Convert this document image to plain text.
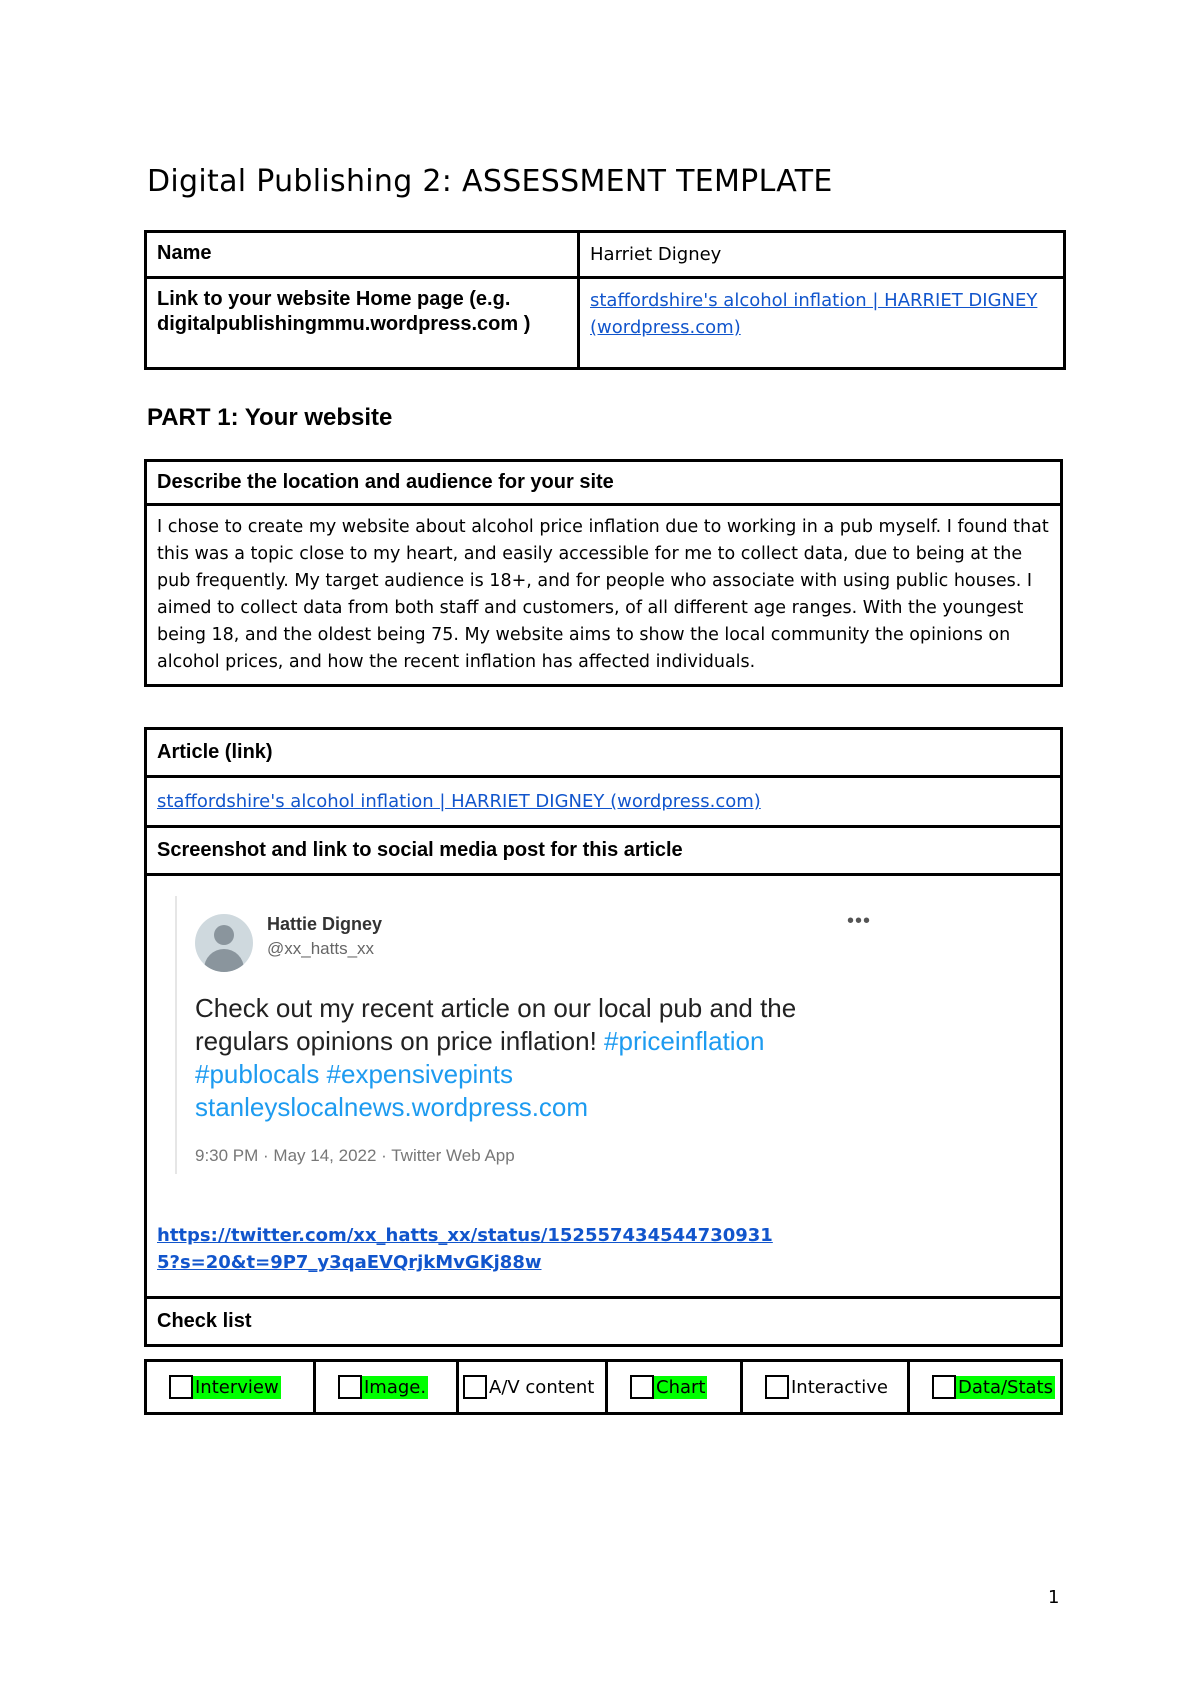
Digital Publishing 2: ASSESSMENT TEMPLATE
Name	Harriet Digney
Link to your website Home page (e.g. digitalpublishingmmu.wordpress.com )	staffordshire's alcohol inflation | HARRIET DIGNEY (wordpress.com)
PART 1: Your website
Describe the location and audience for your site
I chose to create my website about alcohol price inflation due to working in a pub myself. I found that this was a topic close to my heart, and easily accessible for me to collect data, due to being at the pub frequently. My target audience is 18+, and for people who associate with using public houses. I aimed to collect data from both staff and customers, of all different age ranges. With the youngest being 18, and the oldest being 75. My website aims to show the local community the opinions on alcohol prices, and how the recent inflation has affected individuals.
Article (link)
staffordshire's alcohol inflation | HARRIET DIGNEY (wordpress.com)
Screenshot and link to social media post for this article

Hattie Digney
@xx_hatts_xx
•••
Check out my recent article on our local pub and the regulars opinions on price inflation! #priceinflation #publocals #expensivepints stanleyslocalnews.wordpress.com
9:30 PM · May 14, 2022 · Twitter Web App
https://twitter.com/xx_hatts_xx/status/1525574345447309315?s=20&t=9P7_y3qaEVQrjkMvGKj88w

Check list
Interview	Image.	A/V content	Chart	Interactive	Data/Stats
1
